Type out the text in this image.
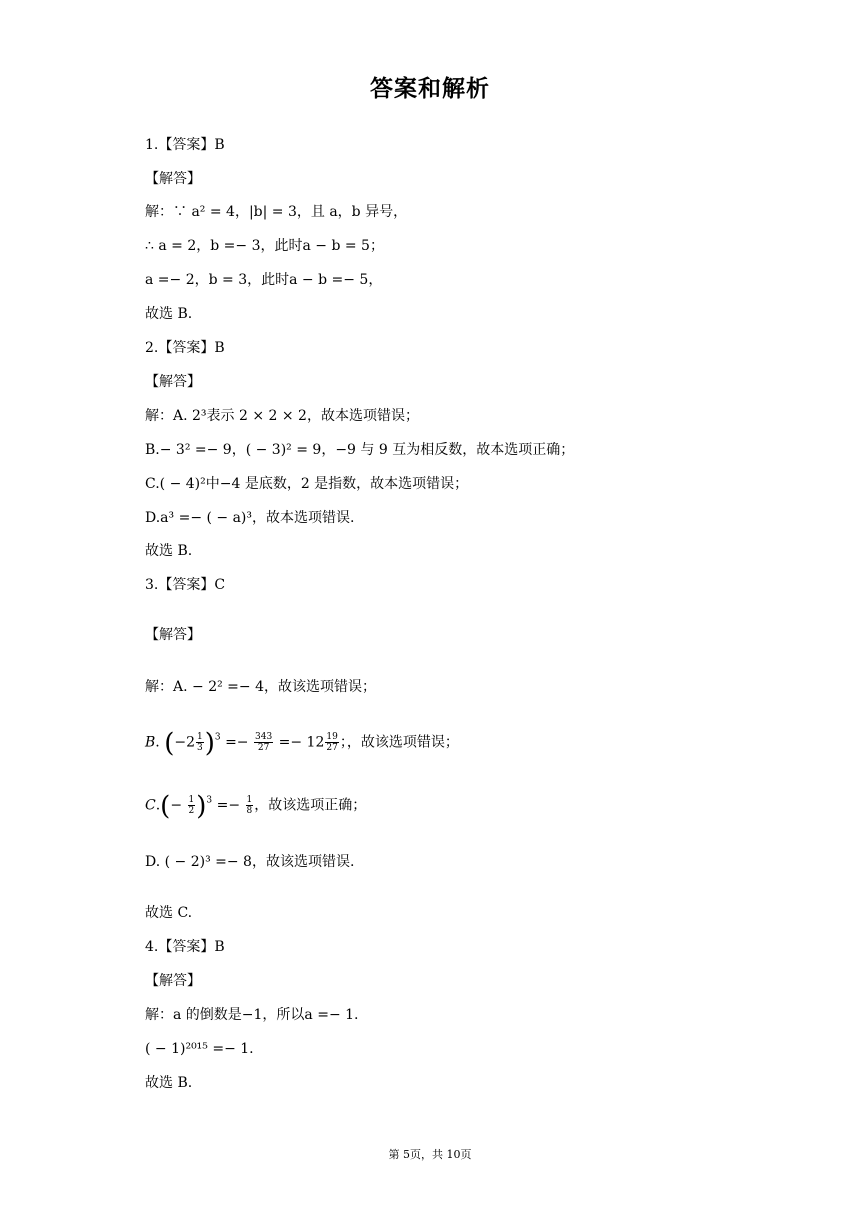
答案和解析
1.【答案】B
【解答】
解：∵ a² = 4，|b| = 3，且 a，b 异号，
∴ a = 2，b =− 3，此时a − b = 5；
a =− 2，b = 3，此时a − b =− 5，
故选 B.
2.【答案】B
【解答】
解：A. 2³表示 2 × 2 × 2，故本选项错误；
B.− 3² =− 9，( − 3)² = 9，−9 与 9 互为相反数，故本选项正确；
C.( − 4)²中−4 是底数，2 是指数，故本选项错误；
D.a³ =− ( − a)³，故本选项错误.
故选 B.
3.【答案】C
【解答】
解：A. − 2² =− 4，故该选项错误；
B. $(-2 \frac{1}{3} )^3 =- \frac{343}{27} =- 12 \frac{19}{27}$ ；，故该选项错误；
$C.(- \frac{1}{2} )^3 =- \frac{1}{8}$ ，故该选项正确；
D. ( − 2)³ =− 8，故该选项错误.
故选 C.
4.【答案】B
【解答】
解：a 的倒数是−1，所以a =− 1.
( − 1)²⁰¹⁵ =− 1.
故选 B.
第 5页，共 10页
